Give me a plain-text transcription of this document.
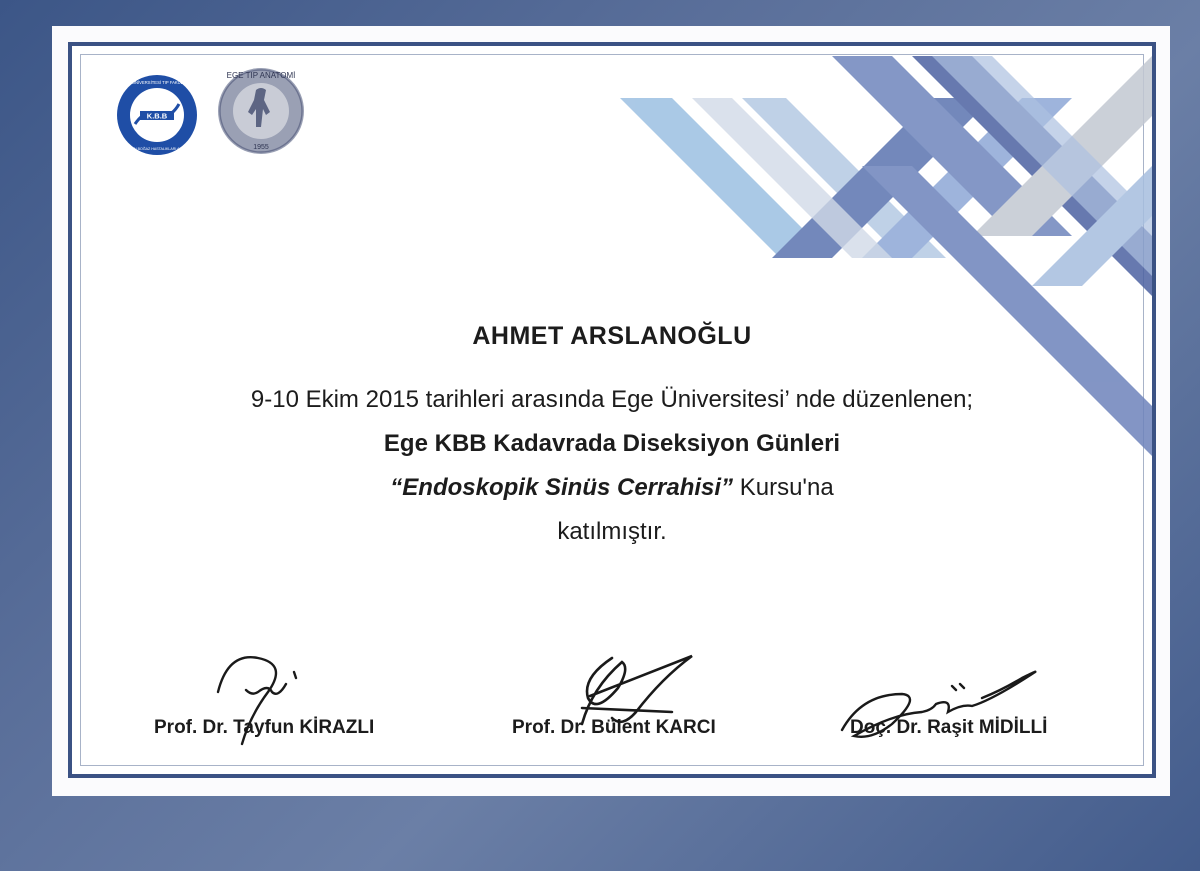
K.B.B
EGE ÜNİVERSİTESİ TIP FAKÜLTESİ
KULAK BURUN BOĞAZ HASTALIKLARI ANABİLİM DALI
EGE TIP ANATOMİ
1955
AHMET ARSLANOĞLU
9-10 Ekim 2015 tarihleri arasında Ege Üniversitesi’ nde düzenlenen;
Ege KBB Kadavrada Diseksiyon Günleri
“Endoskopik Sinüs Cerrahisi” Kursu'na
katılmıştır.
Prof. Dr. Tayfun KİRAZLI	Prof. Dr. Bülent KARCI	Doç. Dr. Raşit MİDİLLİ
